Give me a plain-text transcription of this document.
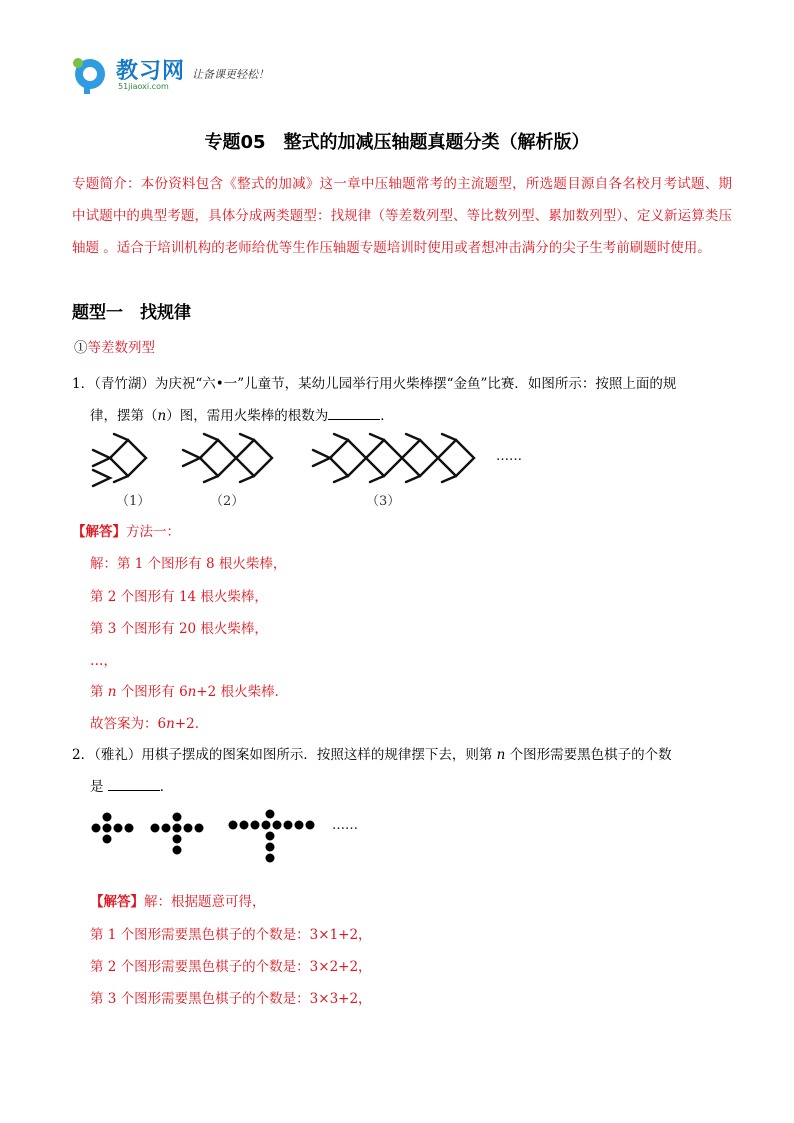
教习网
51jiaoxi.com
让备课更轻松！
专题05　整式的加减压轴题真题分类（解析版）
专题简介：本份资料包含《整式的加减》这一章中压轴题常考的主流题型，所选题目源自各名校月考试题、期中试题中的典型考题，具体分成两类题型：找规律（等差数列型、等比数列型、累加数列型）、定义新运算类压轴题 。适合于培训机构的老师给优等生作压轴题专题培训时使用或者想冲击满分的尖子生考前刷题时使用。
题型一　找规律
①等差数列型
1．（青竹湖）为庆祝“六•一”儿童节，某幼儿园举行用火柴棒摆“金鱼”比赛．如图所示：按照上面的规
律，摆第（n）图，需用火柴棒的根数为	．
（1）	（2）	（3）
……
【解答】方法一：
解：第 1 个图形有 8 根火柴棒，
第 2 个图形有 14 根火柴棒，
第 3 个图形有 20 根火柴棒，
…，
第 n 个图形有 6n+2 根火柴棒．
故答案为：6n+2．
2．（雅礼）用棋子摆成的图案如图所示．按照这样的规律摆下去，则第 n 个图形需要黑色棋子的个数
是	．
……
【解答】解：根据题意可得，
第 1 个图形需要黑色棋子的个数是：3×1+2，
第 2 个图形需要黑色棋子的个数是：3×2+2，
第 3 个图形需要黑色棋子的个数是：3×3+2，
